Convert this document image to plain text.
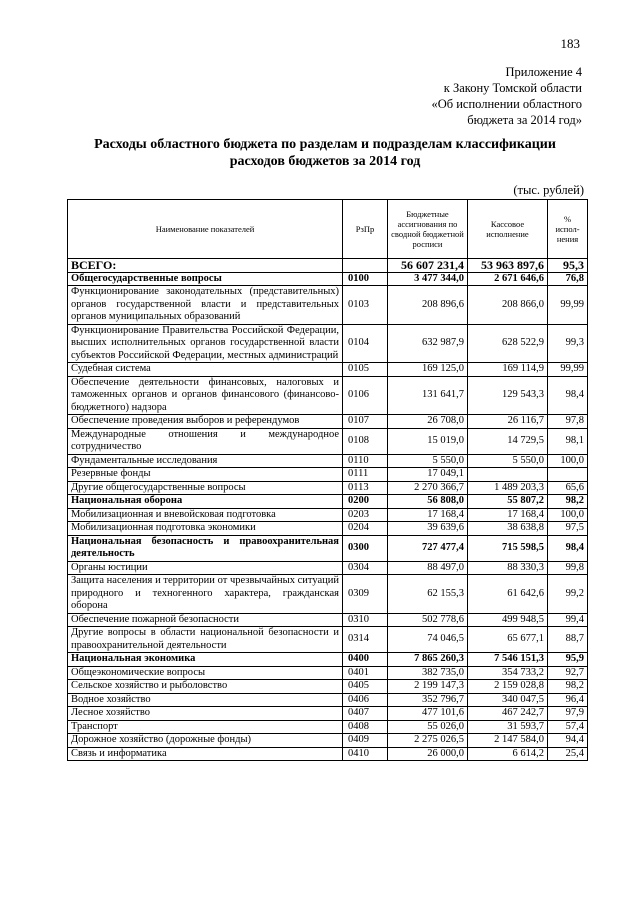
183
Приложение 4
к Закону Томской области
«Об исполнении областного
бюджета за 2014 год»
Расходы областного бюджета по разделам и подразделам классификации
расходов бюджетов за 2014 год
(тыс. рублей)
Наименование показателей	РзПр	Бюджетные ассигнования по сводной бюджетной росписи	Кассовое исполнение	% испол-нения
ВСЕГО:		56 607 231,4	53 963 897,6	95,3
Общегосударственные вопросы	0100	3 477 344,0	2 671 646,6	76,8
Функционирование законодательных (представительных) органов государственной власти и представительных органов муниципальных образований	0103	208 896,6	208 866,0	99,99
Функционирование Правительства Российской Федерации, высших исполнительных органов государственной власти субъектов Российской Федерации, местных администраций	0104	632 987,9	628 522,9	99,3
Судебная система	0105	169 125,0	169 114,9	99,99
Обеспечение деятельности финансовых, налоговых и таможенных органов и органов финансового (финансово-бюджетного) надзора	0106	131 641,7	129 543,3	98,4
Обеспечение проведения выборов и референдумов	0107	26 708,0	26 116,7	97,8
Международные отношения и международное сотрудничество	0108	15 019,0	14 729,5	98,1
Фундаментальные исследования	0110	5 550,0	5 550,0	100,0
Резервные фонды	0111	17 049,1		
Другие общегосударственные вопросы	0113	2 270 366,7	1 489 203,3	65,6
Национальная оборона	0200	56 808,0	55 807,2	98,2
Мобилизационная и вневойсковая подготовка	0203	17 168,4	17 168,4	100,0
Мобилизационная подготовка экономики	0204	39 639,6	38 638,8	97,5
Национальная безопасность и правоохранительная деятельность	0300	727 477,4	715 598,5	98,4
Органы юстиции	0304	88 497,0	88 330,3	99,8
Защита населения и территории от чрезвычайных ситуаций природного и техногенного характера, гражданская оборона	0309	62 155,3	61 642,6	99,2
Обеспечение пожарной безопасности	0310	502 778,6	499 948,5	99,4
Другие вопросы в области национальной безопасности и правоохранительной деятельности	0314	74 046,5	65 677,1	88,7
Национальная экономика	0400	7 865 260,3	7 546 151,3	95,9
Общеэкономические вопросы	0401	382 735,0	354 733,2	92,7
Сельское хозяйство и рыболовство	0405	2 199 147,3	2 159 028,8	98,2
Водное хозяйство	0406	352 796,7	340 047,5	96,4
Лесное хозяйство	0407	477 101,6	467 242,7	97,9
Транспорт	0408	55 026,0	31 593,7	57,4
Дорожное хозяйство (дорожные фонды)	0409	2 275 026,5	2 147 584,0	94,4
Связь и информатика	0410	26 000,0	6 614,2	25,4
